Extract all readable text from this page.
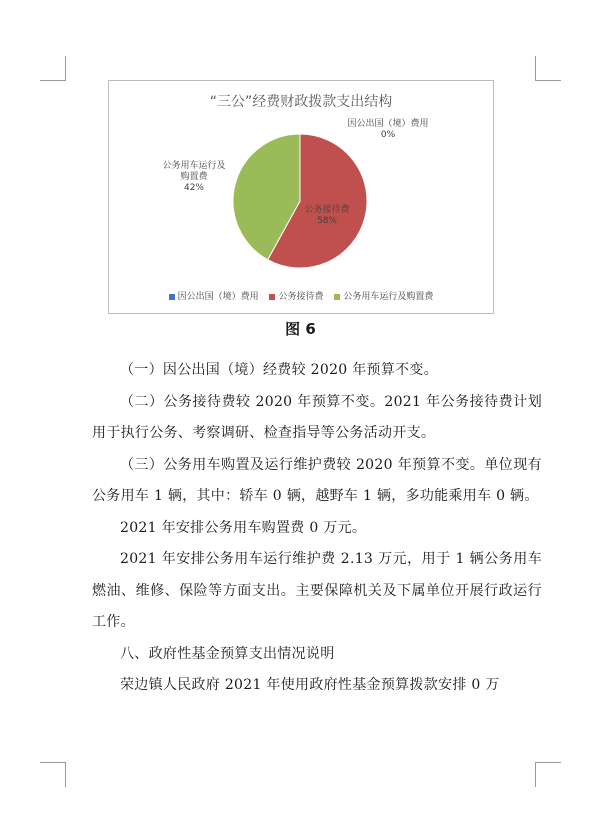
“三公”经费财政拨款支出结构
因公出国（境）费用
0%
公务接待费
58%
公务用车运行及
购置费
42%
因公出国（境）费用 公务接待费 公务用车运行及购置费
图 6

（一）因公出国（境）经费较 2020 年预算不变。

（二）公务接待费较 2020 年预算不变。2021 年公务接待费计划用于执行公务、考察调研、检查指导等公务活动开支。

（三）公务用车购置及运行维护费较 2020 年预算不变。单位现有公务用车 1 辆，其中：轿车 0 辆，越野车 1 辆，多功能乘用车 0 辆。

2021 年安排公务用车购置费 0 万元。

2021 年安排公务用车运行维护费 2.13 万元，用于 1 辆公务用车燃油、维修、保险等方面支出。主要保障机关及下属单位开展行政运行工作。

八、政府性基金预算支出情况说明

荣边镇人民政府 2021 年使用政府性基金预算拨款安排 0 万
